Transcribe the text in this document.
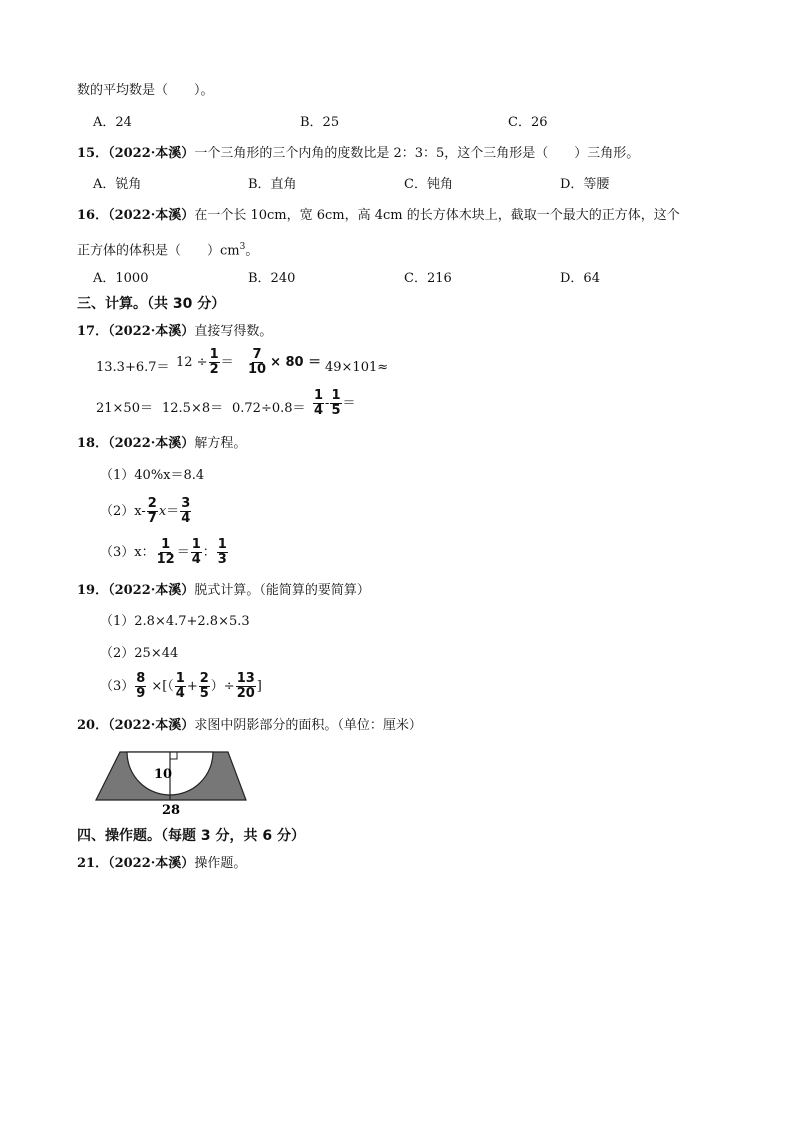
数的平均数是（　　）。
A．24	B．25	C．26
15．（2022·本溪）一个三角形的三个内角的度数比是 2：3：5，这个三角形是（　　）三角形。
A．锐角	B．直角	C．钝角	D．等腰
16．（2022·本溪）在一个长 10cm，宽 6cm，高 4cm 的长方体木块上，截取一个最大的正方体，这个
正方体的体积是（　　）$cm^3$。
A．1000	B．240	C．216	D．64
三、计算。（共 30 分）
17．（2022·本溪）直接写得数。
$13.3+6.7= 12 \div \frac{1}{2} = \frac{7}{10} \times 80 = 49\times 101\approx$
$21\times 50= 12.5\times 8= 0.72\div 0.8= \frac{1}{4} - \frac{1}{5}$ ＝
18．（2022·本溪）解方程。
（1）40%x＝8.4
（2） $x- \frac{2}{7}$ $x = \frac{3}{4}$
（3） x： $\frac{1}{12} = \frac{1}{4}$ ： $\frac{1}{3}$
19．（2022·本溪）脱式计算。（能简算的要简算）
（1）2.8×4.7+2.8×5.3
（2）25×44
$(3) \frac{8}{9}$ ×[（ $\frac{1}{4} + \frac{2}{5}$ ）÷ $\frac{13}{20}$ ]
20．（2022·本溪）求图中阴影部分的面积。（单位：厘米）
10
28
四、操作题。（每题 3 分，共 6 分）
21．（2022·本溪）操作题。
